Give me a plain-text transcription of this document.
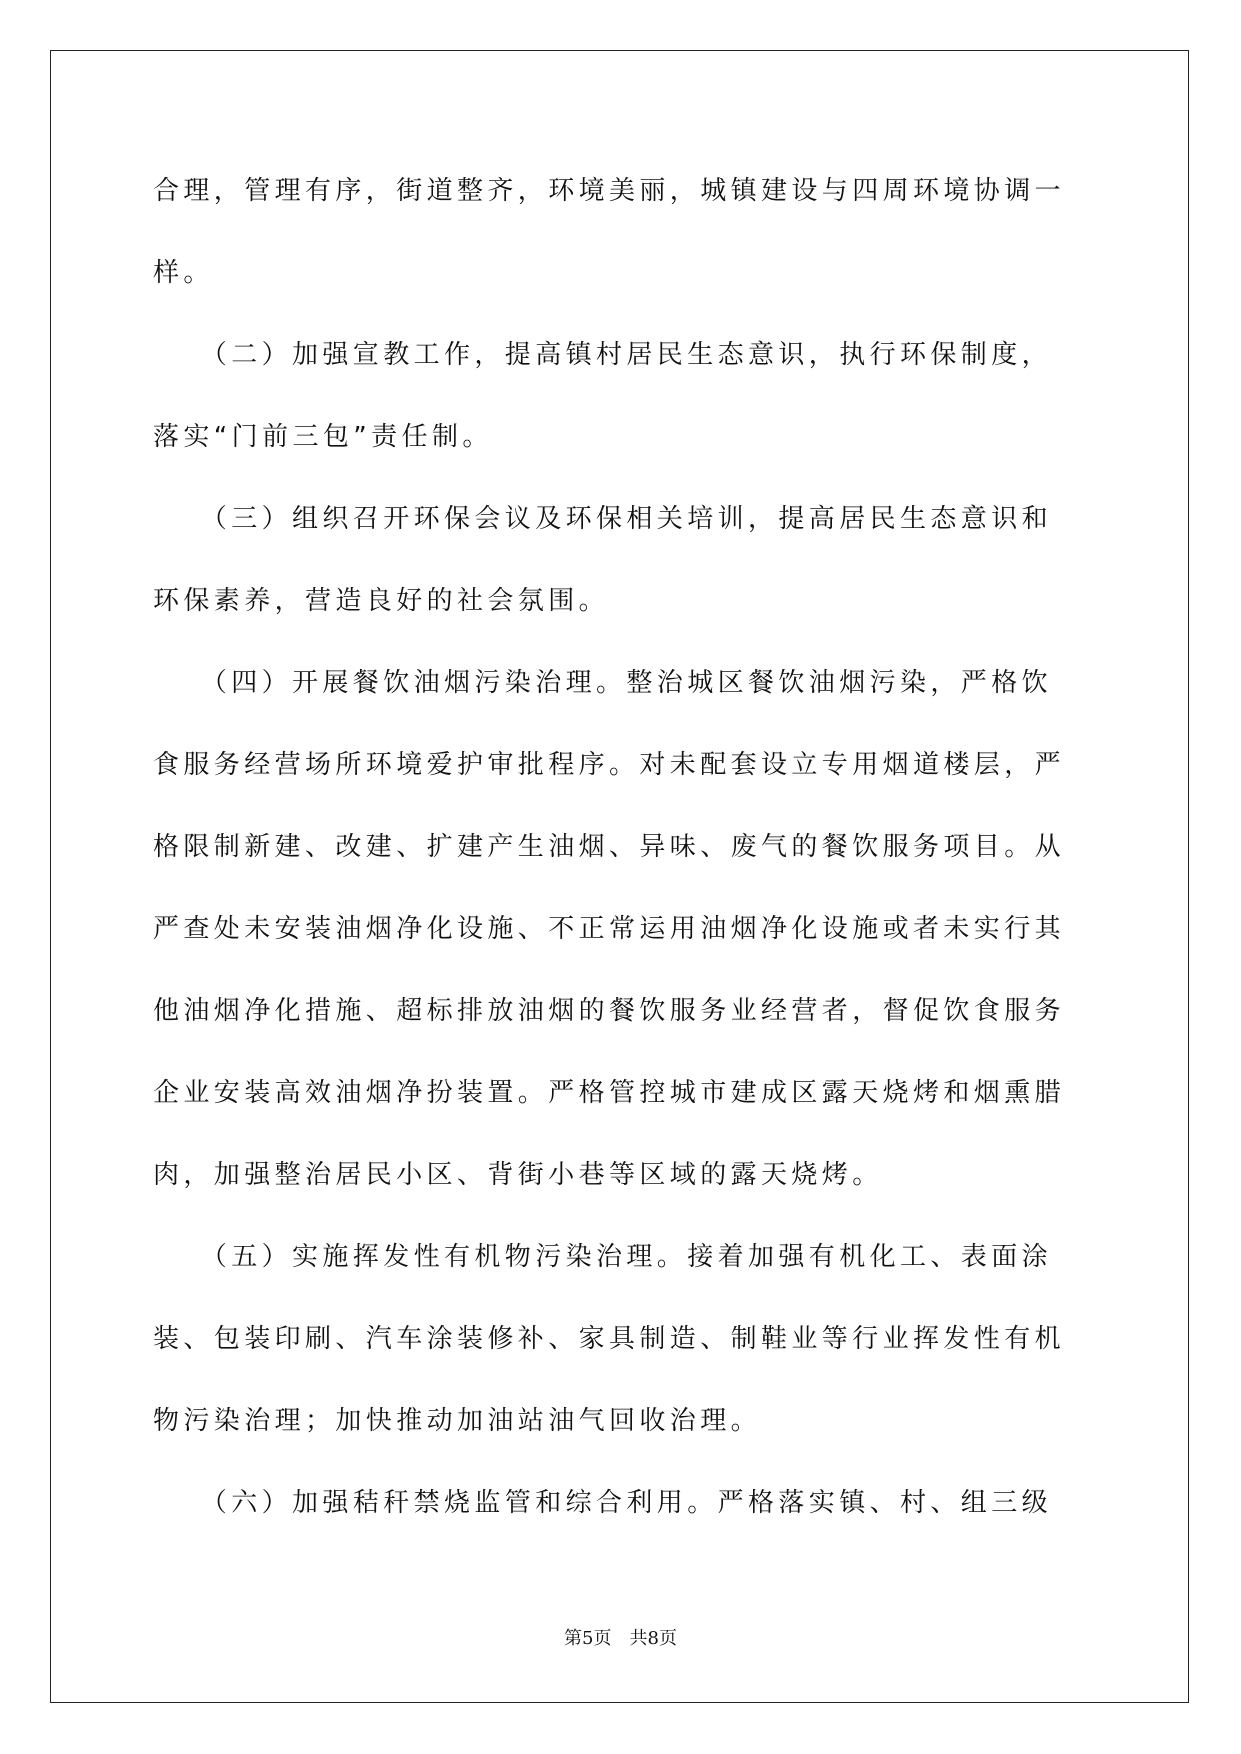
合理，管理有序，街道整齐，环境美丽，城镇建设与四周环境协调一
样。
　　（二）加强宣教工作，提高镇村居民生态意识，执行环保制度，
落实“门前三包”责任制。
　　（三）组织召开环保会议及环保相关培训，提高居民生态意识和
环保素养，营造良好的社会氛围。
　　（四）开展餐饮油烟污染治理。整治城区餐饮油烟污染，严格饮
食服务经营场所环境爱护审批程序。对未配套设立专用烟道楼层，严
格限制新建、改建、扩建产生油烟、异味、废气的餐饮服务项目。从
严查处未安装油烟净化设施、不正常运用油烟净化设施或者未实行其
他油烟净化措施、超标排放油烟的餐饮服务业经营者，督促饮食服务
企业安装高效油烟净扮装置。严格管控城市建成区露天烧烤和烟熏腊
肉，加强整治居民小区、背街小巷等区域的露天烧烤。
　　（五）实施挥发性有机物污染治理。接着加强有机化工、表面涂
装、包装印刷、汽车涂装修补、家具制造、制鞋业等行业挥发性有机
物污染治理；加快推动加油站油气回收治理。
　　（六）加强秸秆禁烧监管和综合利用。严格落实镇、村、组三级
第5页　共8页
